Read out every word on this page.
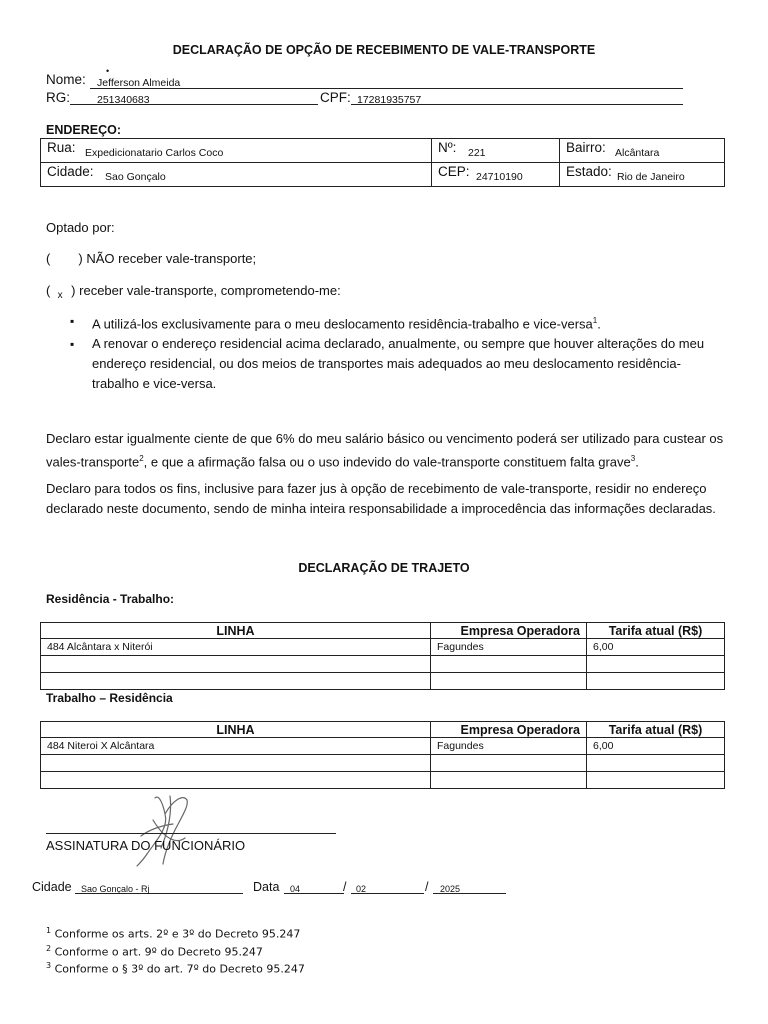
DECLARAÇÃO DE OPÇÃO DE RECEBIMENTO DE VALE-TRANSPORTE
•
Nome: Jefferson Almeida
RG:	251340683	CPF: 17281935757
ENDEREÇO:
Rua: Expedicionatario Carlos Coco	Nº: 221	Bairro: Alcântara

Cidade: Sao Gonçalo	CEP: 24710190	Estado: Rio de Janeiro
Optado por:
(     ) NÃO receber vale-transporte;
(  x ) receber vale-transporte, comprometendo-me:
▪ A utilizá-los exclusivamente para o meu deslocamento residência-trabalho e vice-versa$^1$.
▪ A renovar o endereço residencial acima declarado, anualmente, ou sempre que houver alterações do meu endereço residencial, ou dos meios de transportes mais adequados ao meu deslocamento residência-trabalho e vice-versa.
Declaro estar igualmente ciente de que 6% do meu salário básico ou vencimento poderá ser utilizado para custear os vales-transporte$^2$, e que a afirmação falsa ou o uso indevido do vale-transporte constituem falta grave$^3$.
Declaro para todos os fins, inclusive para fazer jus à opção de recebimento de vale-transporte, residir no endereço declarado neste documento, sendo de minha inteira responsabilidade a improcedência das informações declaradas.
DECLARAÇÃO DE TRAJETO
Residência - Trabalho:
LINHA	Empresa Operadora	Tarifa atual (R$)
484 Alcântara x Niterói	Fagundes	6,00

Trabalho – Residência
LINHA	Empresa Operadora	Tarifa atual (R$)
484 Niteroi X Alcântara	Fagundes	6,00

ASSINATURA DO FUNCIONÁRIO
Cidade Sao Gonçalo - Rj	Data 04	/ 02	/ 2025
$^1$ Conforme os arts. 2º e 3º do Decreto 95.247
$^2$ Conforme o art. 9º do Decreto 95.247
$^3$ Conforme o § 3º do art. 7º do Decreto 95.247
